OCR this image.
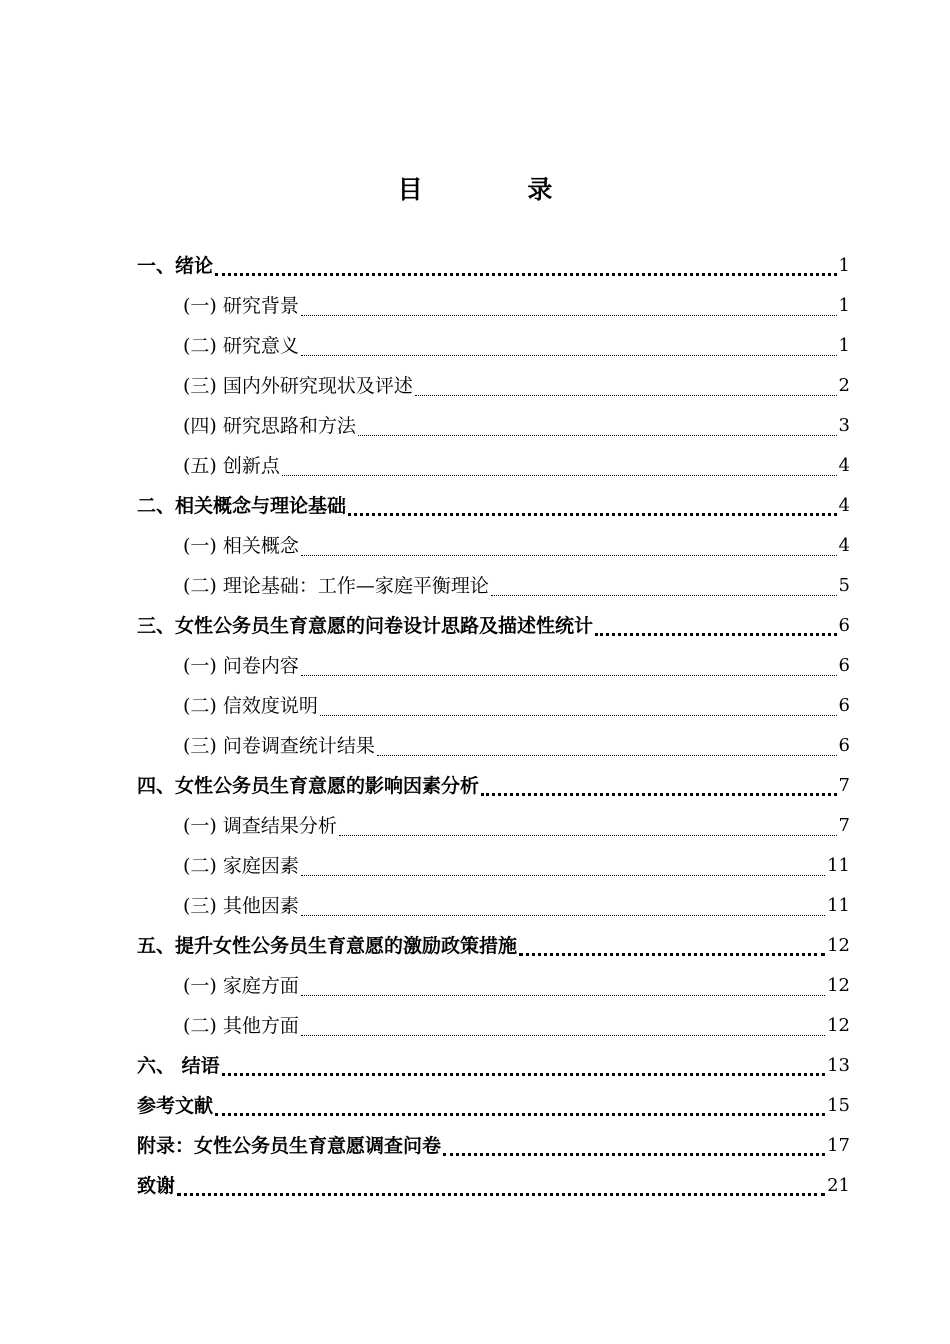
目 录
一、绪论	1
(一) 研究背景	1
(二) 研究意义	1
(三) 国内外研究现状及评述	2
(四) 研究思路和方法	3
(五) 创新点	4
二、相关概念与理论基础	4
(一) 相关概念	4
(二) 理论基础：工作—家庭平衡理论	5
三、女性公务员生育意愿的问卷设计思路及描述性统计	6
(一) 问卷内容	6
(二) 信效度说明	6
(三) 问卷调查统计结果	6
四、女性公务员生育意愿的影响因素分析	7
(一) 调查结果分析	7
(二) 家庭因素	11
(三) 其他因素	11
五、提升女性公务员生育意愿的激励政策措施	12
(一) 家庭方面	12
(二) 其他方面	12
六、 结语	13
参考文献	15
附录：女性公务员生育意愿调查问卷	17
致谢	21
